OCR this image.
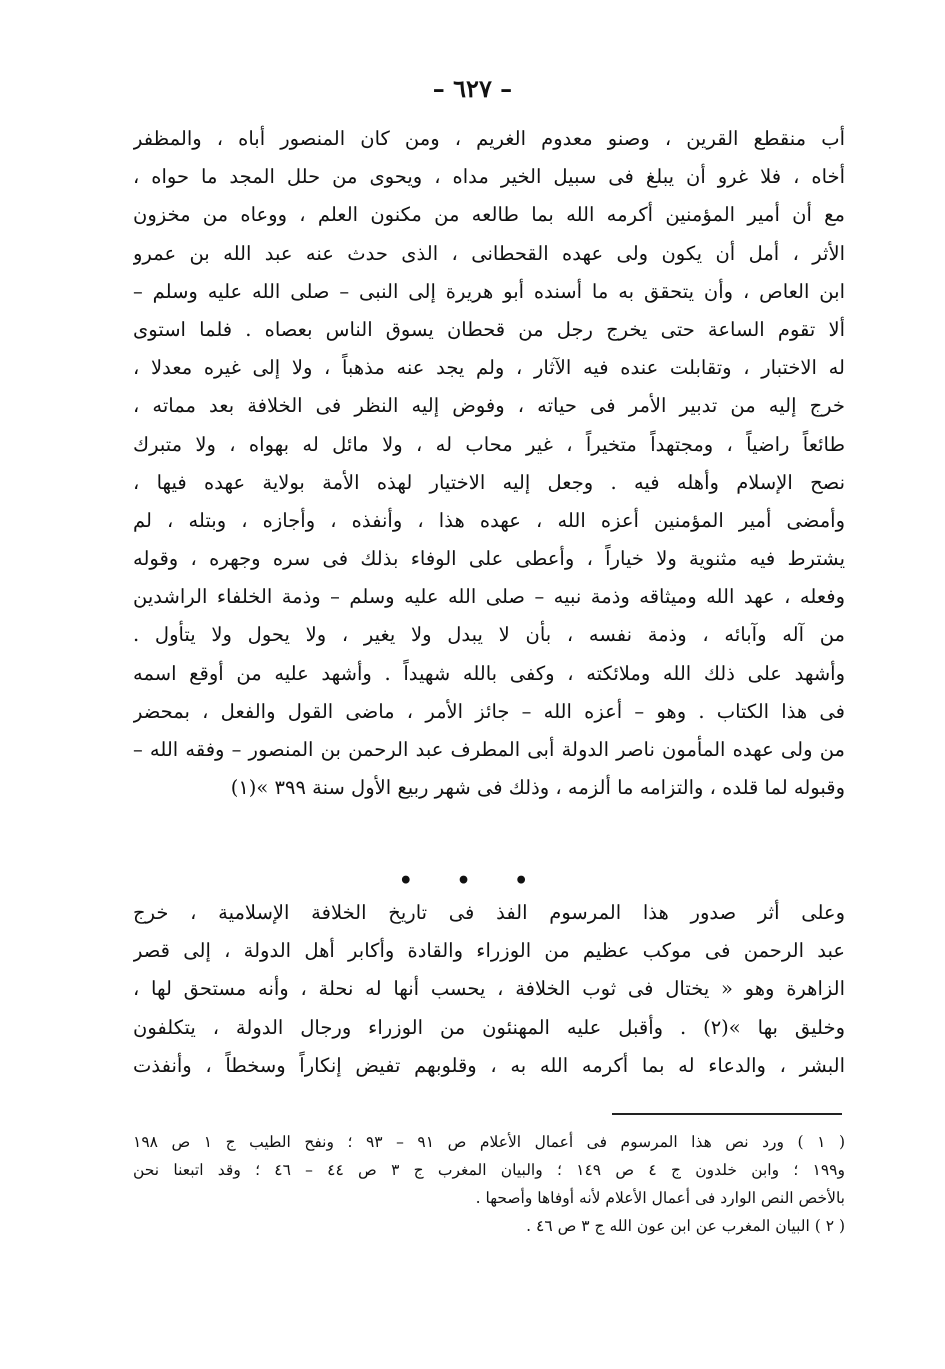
– ٦٢٧ –
أب منقطع القرين ، وصنو معدوم الغريم ، ومن كان المنصور أباه ، والمظفر
أخاه ، فلا غرو أن يبلغ فى سبيل الخير مداه ، ويحوى من حلل المجد ما حواه ،
مع أن أمير المؤمنين أكرمه الله بما طالعه من مكنون العلم ، ووعاه من مخزون
الأثر ، أمل أن يكون ولى عهده القحطانى ، الذى حدث عنه عبد الله بن عمرو
ابن العاص ، وأن يتحقق به ما أسنده أبو هريرة إلى النبى – صلى الله عليه وسلم –
ألا تقوم الساعة حتى يخرج رجل من قحطان يسوق الناس بعصاه . فلما استوى
له الاختبار ، وتقابلت عنده فيه الآثار ، ولم يجد عنه مذهباً ، ولا إلى غيره معدلا ،
خرج إليه من تدبير الأمر فى حياته ، وفوض إليه النظر فى الخلافة بعد مماته ،
طائعاً راضياً ، ومجتهداً متخيراً ، غير محاب له ، ولا مائل له بهواه ، ولا متبرك
نصح الإسلام وأهله فيه . وجعل إليه الاختيار لهذه الأمة بولاية عهده فيها ،
وأمضى أمير المؤمنين أعزه الله ، عهده هذا ، وأنفذه ، وأجازه ، وبتله ، لم
يشترط فيه مثنوية ولا خياراً ، وأعطى على الوفاء بذلك فى سره وجهره ، وقوله
وفعله ، عهد الله وميثاقه وذمة نبيه – صلى الله عليه وسلم – وذمة الخلفاء الراشدين
من آله وآبائه ، وذمة نفسه ، بأن لا يبدل ولا يغير ، ولا يحول ولا يتأول .
وأشهد على ذلك الله وملائكته ، وكفى بالله شهيداً . وأشهد عليه من أوقع اسمه
فى هذا الكتاب . وهو – أعزه الله – جائز الأمر ، ماضى القول والفعل ، بمحضر
من ولى عهده المأمون ناصر الدولة أبى المطرف عبد الرحمن بن المنصور – وفقه الله –
وقبوله لما قلده ، والتزامه ما ألزمه ، وذلك فى شهر ربيع الأول سنة ٣٩٩ »(١)
• • •
وعلى أثر صدور هذا المرسوم الفذ فى تاريخ الخلافة الإسلامية ، خرج
عبد الرحمن فى موكب عظيم من الوزراء والقادة وأكابر أهل الدولة ، إلى قصر
الزاهرة وهو « يختال فى ثوب الخلافة ، يحسب أنها له نحلة ، وأنه مستحق لها ،
وخليق بها »(٢) . وأقبل عليه المهنئون من الوزراء ورجال الدولة ، يتكلفون
البشر ، والدعاء له بما أكرمه الله به ، وقلوبهم تفيض إنكاراً وسخطاً ، وأنفذت
( ١ ) ورد نص هذا المرسوم فى أعمال الأعلام ص ٩١ – ٩٣ ؛ ونفح الطيب ج ١ ص ١٩٨
و١٩٩ ؛ وابن خلدون ج ٤ ص ١٤٩ ؛ والبيان المغرب ج ٣ ص ٤٤ – ٤٦ ؛ وقد اتبعنا نحن
بالأخص النص الوارد فى أعمال الأعلام لأنه أوفاها وأصحها .
( ٢ ) البيان المغرب عن ابن عون الله ج ٣ ص ٤٦ .
